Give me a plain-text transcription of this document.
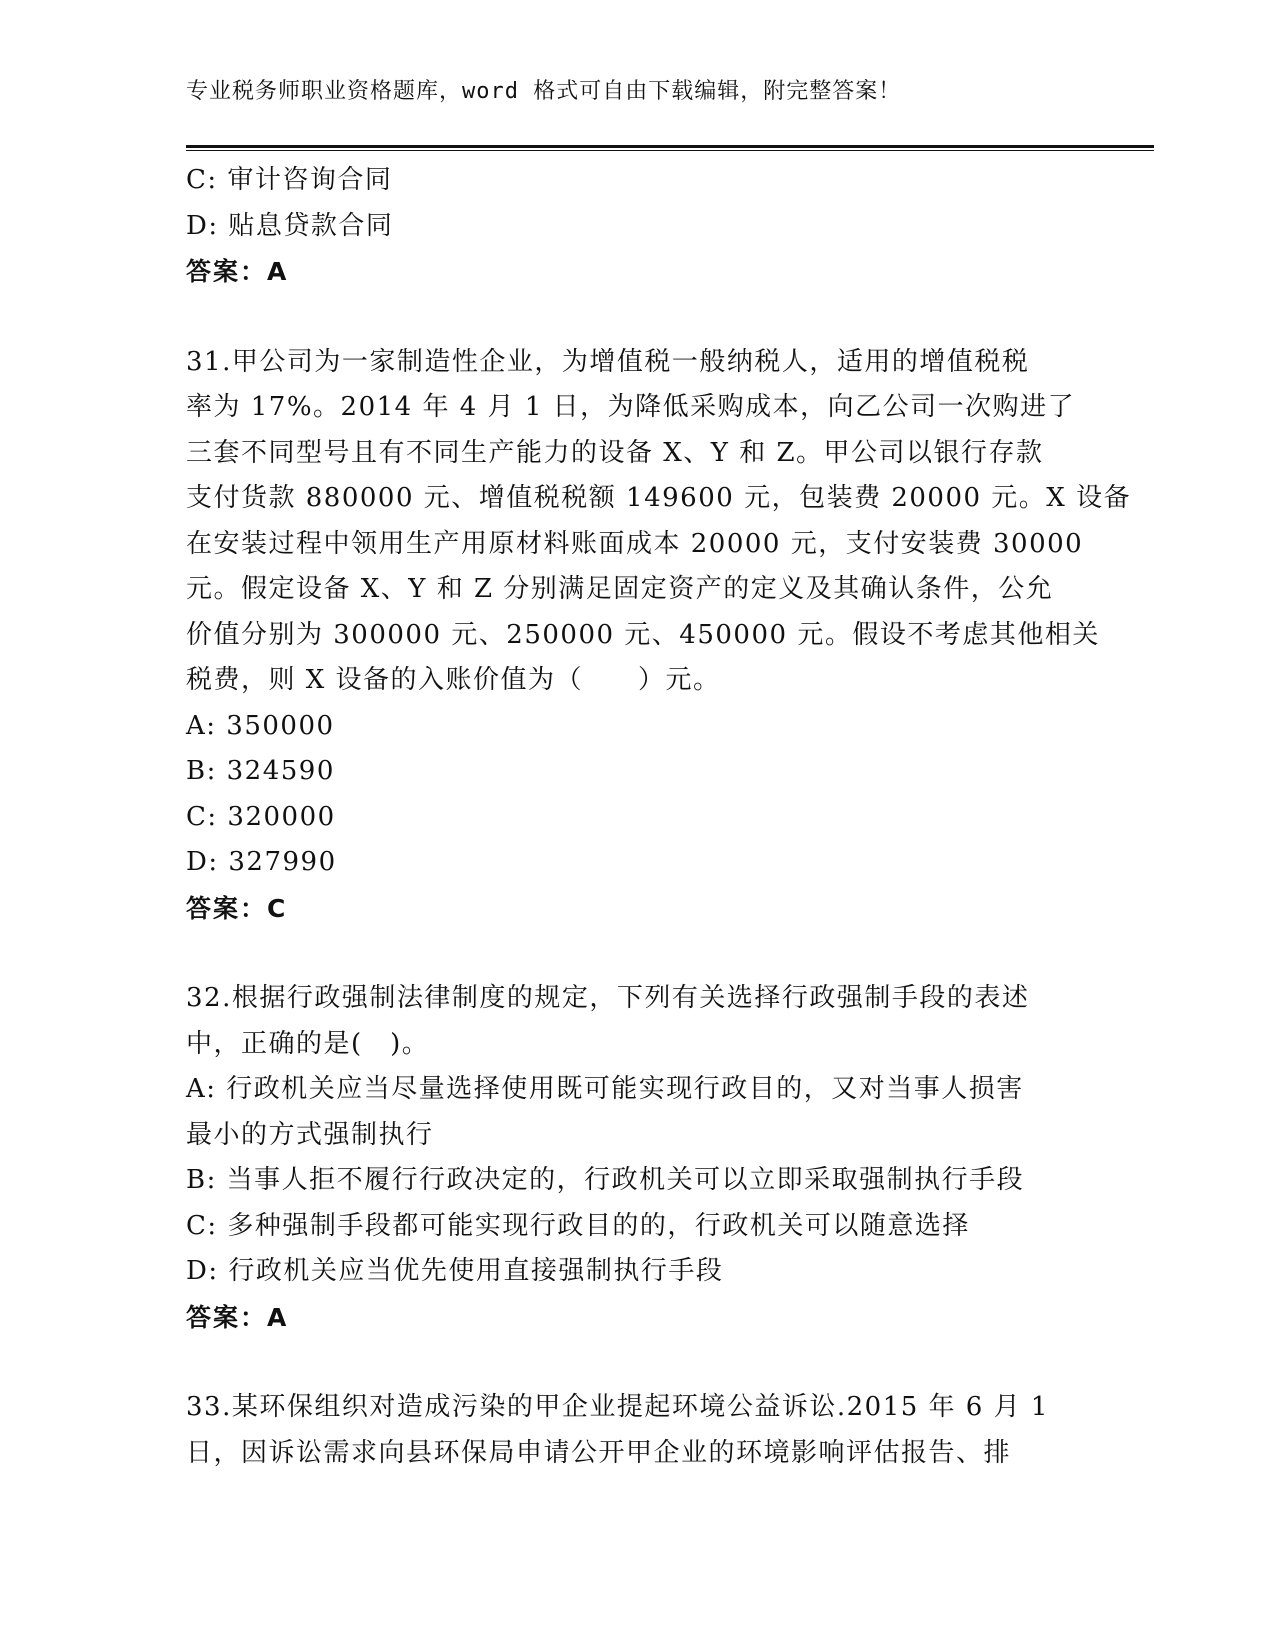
专业税务师职业资格题库，word 格式可自由下载编辑，附完整答案！
C: 审计咨询合同
D: 贴息贷款合同
答案：A
31.甲公司为一家制造性企业，为增值税一般纳税人，适用的增值税税
率为 17%。2014 年 4 月 1 日，为降低采购成本，向乙公司一次购进了
三套不同型号且有不同生产能力的设备 X、Y 和 Z。甲公司以银行存款
支付货款 880000 元、增值税税额 149600 元，包装费 20000 元。X 设备
在安装过程中领用生产用原材料账面成本 20000 元，支付安装费 30000
元。假定设备 X、Y 和 Z 分别满足固定资产的定义及其确认条件，公允
价值分别为 300000 元、250000 元、450000 元。假设不考虑其他相关
税费，则 X 设备的入账价值为（　　）元。
A: 350000
B: 324590
C: 320000
D: 327990
答案：C
32.根据行政强制法律制度的规定，下列有关选择行政强制手段的表述
中，正确的是(　)。
A: 行政机关应当尽量选择使用既可能实现行政目的，又对当事人损害
最小的方式强制执行
B: 当事人拒不履行行政决定的，行政机关可以立即采取强制执行手段
C: 多种强制手段都可能实现行政目的的，行政机关可以随意选择
D: 行政机关应当优先使用直接强制执行手段
答案：A
33.某环保组织对造成污染的甲企业提起环境公益诉讼.2015 年 6 月 1
日，因诉讼需求向县环保局申请公开甲企业的环境影响评估报告、排
